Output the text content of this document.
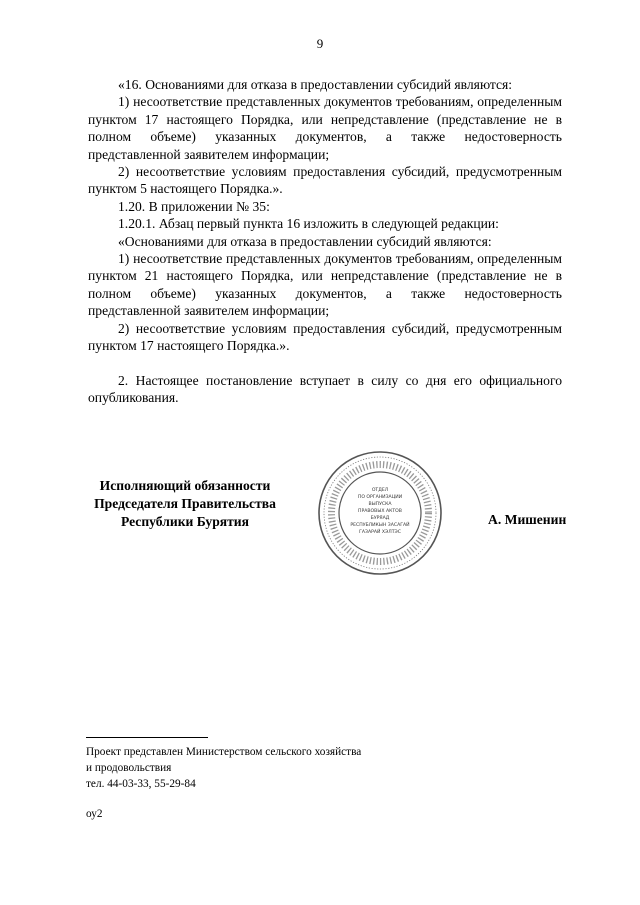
9

«16. Основаниями для отказа в предоставлении субсидий являются:

1) несоответствие представленных документов требованиям, определенным пунктом 17 настоящего Порядка, или непредставление (представление не в полном объеме) указанных документов, а также недостоверность представленной заявителем информации;

2) несоответствие условиям предоставления субсидий, предусмотренным пунктом 5 настоящего Порядка.».

1.20. В приложении № 35:

1.20.1. Абзац первый пункта 16 изложить в следующей редакции:

«Основаниями для отказа в предоставлении субсидий являются:

1) несоответствие представленных документов требованиям, определенным пунктом 21 настоящего Порядка, или непредставление (представление не в полном объеме) указанных документов, а также недостоверность представленной заявителем информации;

2) несоответствие условиям предоставления субсидий, предусмотренным пунктом 17 настоящего Порядка.».

2. Настоящее постановление вступает в силу со дня его официального опубликования.

Исполняющий обязанности
Председателя Правительства
Республики Бурятия
ОТДЕЛ
ПО ОРГАНИЗАЦИИ
ВЫПУСКА
ПРАВОВЫХ АКТОВ
БУРЯАД
РЕСПУБЛИКЫН ЗАСАГАЙ
ГАЗАРАЙ ХЭЛТЭС
А. Мишенин
Проект представлен Министерством сельского хозяйства
и продовольствия
тел. 44-03-33, 55-29-84
оу2
